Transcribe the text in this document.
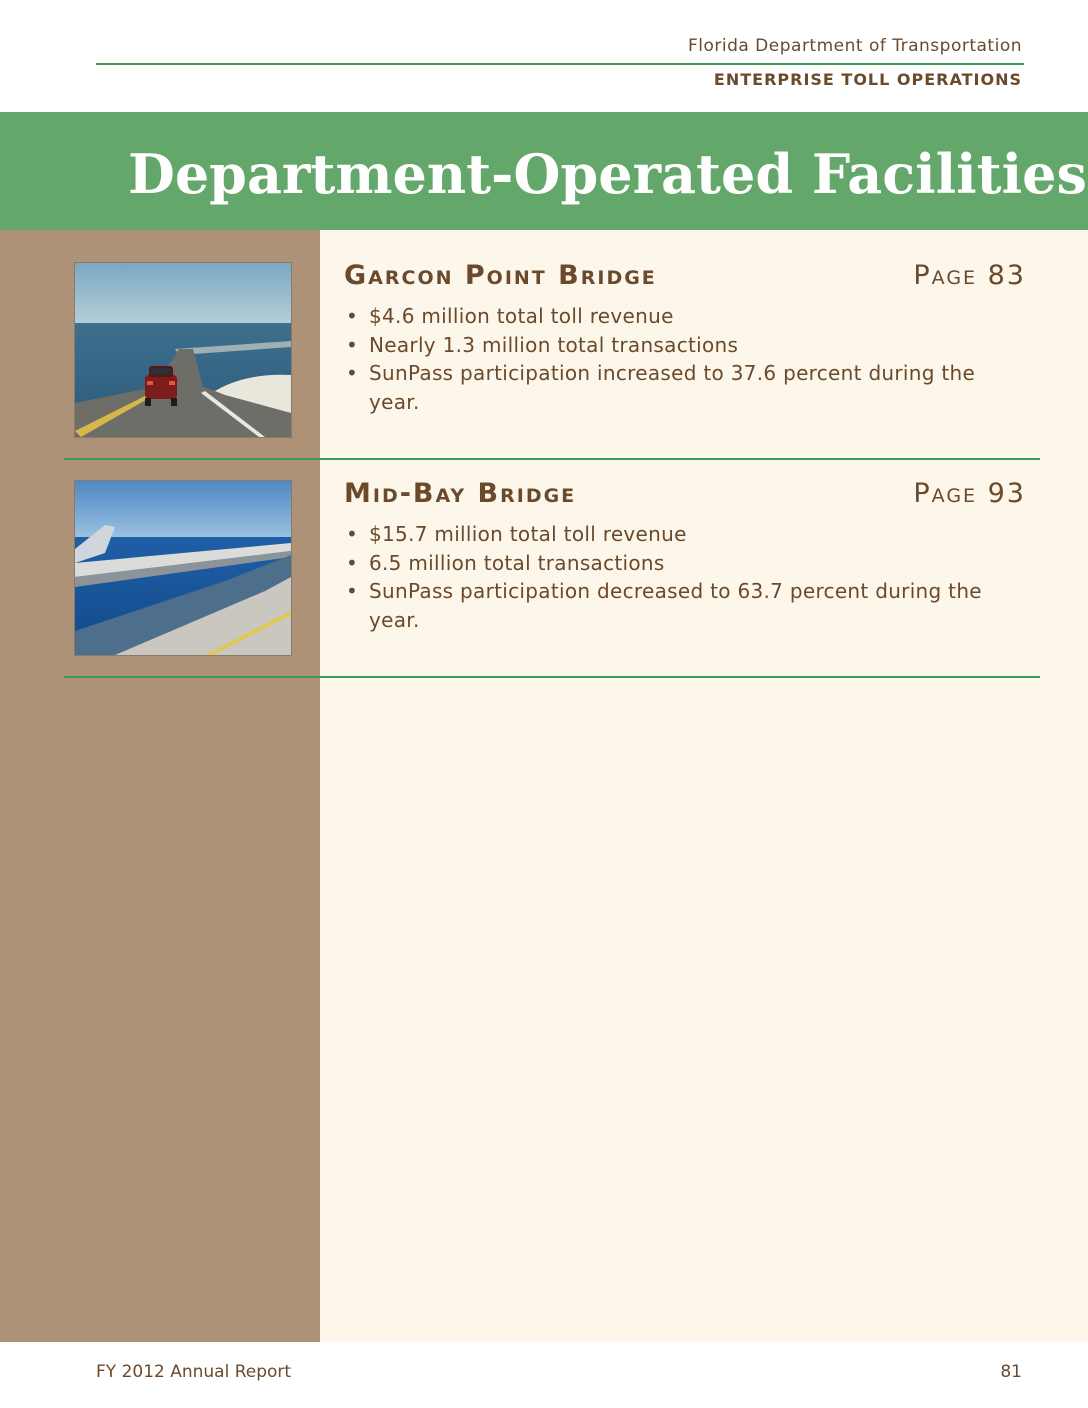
Florida Department of Transportation
ENTERPRISE TOLL OPERATIONS
Department-Operated Facilities
Garcon Point Bridge	Page 83
• $4.6 million total toll revenue
• Nearly 1.3 million total transactions
• SunPass participation increased to 37.6 percent during the year.
Mid-Bay Bridge	Page 93
• $15.7 million total toll revenue
• 6.5 million total transactions
• SunPass participation decreased to 63.7 percent during the year.
FY 2012 Annual Report	81
